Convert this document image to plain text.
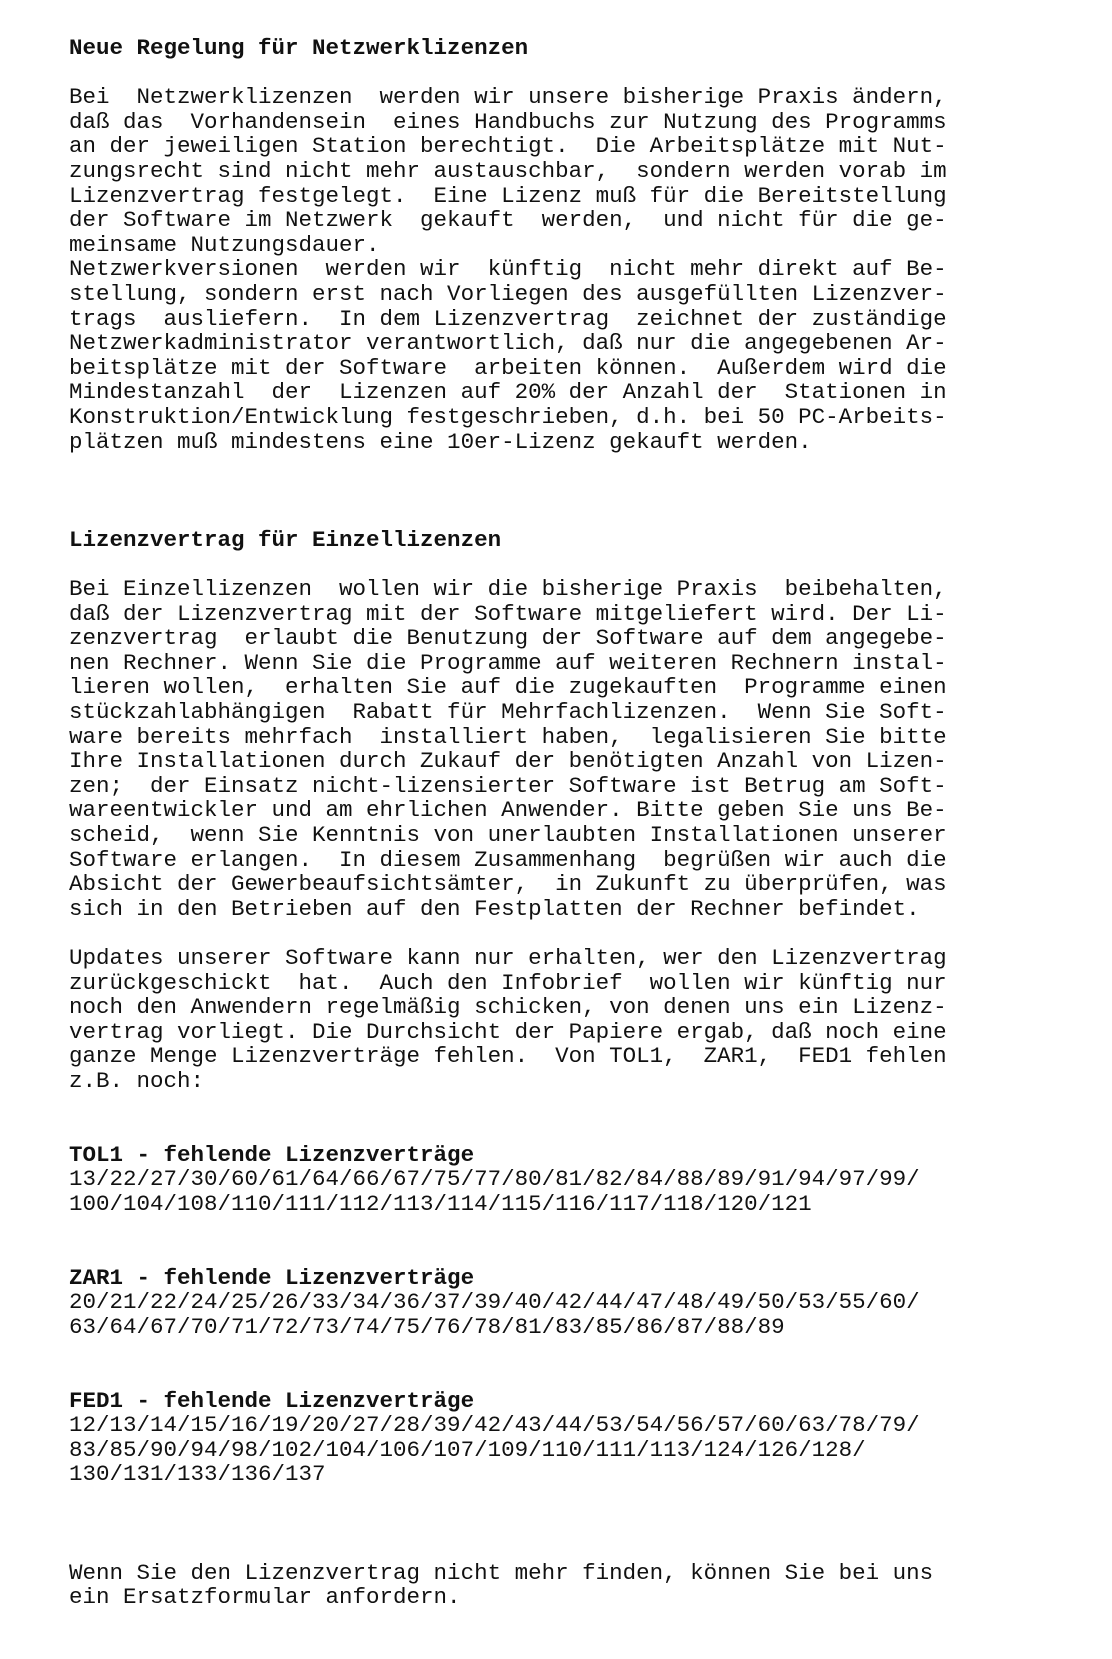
Neue Regelung für Netzwerklizenzen
Bei  Netzwerklizenzen  werden wir unsere bisherige Praxis ändern,
daß das  Vorhandensein  eines Handbuchs zur Nutzung des Programms
an der jeweiligen Station berechtigt.  Die Arbeitsplätze mit Nut-
zungsrecht sind nicht mehr austauschbar,  sondern werden vorab im
Lizenzvertrag festgelegt.  Eine Lizenz muß für die Bereitstellung
der Software im Netzwerk  gekauft  werden,  und nicht für die ge-
meinsame Nutzungsdauer.
Netzwerkversionen  werden wir  künftig  nicht mehr direkt auf Be-
stellung, sondern erst nach Vorliegen des ausgefüllten Lizenzver-
trags  ausliefern.  In dem Lizenzvertrag  zeichnet der zuständige
Netzwerkadministrator verantwortlich, daß nur die angegebenen Ar-
beitsplätze mit der Software  arbeiten können.  Außerdem wird die
Mindestanzahl  der  Lizenzen auf 20% der Anzahl der  Stationen in
Konstruktion/Entwicklung festgeschrieben, d.h. bei 50 PC-Arbeits-
plätzen muß mindestens eine 10er-Lizenz gekauft werden.
Lizenzvertrag für Einzellizenzen
Bei Einzellizenzen  wollen wir die bisherige Praxis  beibehalten,
daß der Lizenzvertrag mit der Software mitgeliefert wird. Der Li-
zenzvertrag  erlaubt die Benutzung der Software auf dem angegebe-
nen Rechner. Wenn Sie die Programme auf weiteren Rechnern instal-
lieren wollen,  erhalten Sie auf die zugekauften  Programme einen
stückzahlabhängigen  Rabatt für Mehrfachlizenzen.  Wenn Sie Soft-
ware bereits mehrfach  installiert haben,  legalisieren Sie bitte
Ihre Installationen durch Zukauf der benötigten Anzahl von Lizen-
zen;  der Einsatz nicht-lizensierter Software ist Betrug am Soft-
wareentwickler und am ehrlichen Anwender. Bitte geben Sie uns Be-
scheid,  wenn Sie Kenntnis von unerlaubten Installationen unserer
Software erlangen.  In diesem Zusammenhang  begrüßen wir auch die
Absicht der Gewerbeaufsichtsämter,  in Zukunft zu überprüfen, was
sich in den Betrieben auf den Festplatten der Rechner befindet.
Updates unserer Software kann nur erhalten, wer den Lizenzvertrag
zurückgeschickt  hat.  Auch den Infobrief  wollen wir künftig nur
noch den Anwendern regelmäßig schicken, von denen uns ein Lizenz-
vertrag vorliegt. Die Durchsicht der Papiere ergab, daß noch eine
ganze Menge Lizenzverträge fehlen.  Von TOL1,  ZAR1,  FED1 fehlen
z.B. noch:
TOL1 - fehlende Lizenzverträge
13/22/27/30/60/61/64/66/67/75/77/80/81/82/84/88/89/91/94/97/99/
100/104/108/110/111/112/113/114/115/116/117/118/120/121
ZAR1 - fehlende Lizenzverträge
20/21/22/24/25/26/33/34/36/37/39/40/42/44/47/48/49/50/53/55/60/
63/64/67/70/71/72/73/74/75/76/78/81/83/85/86/87/88/89
FED1 - fehlende Lizenzverträge
12/13/14/15/16/19/20/27/28/39/42/43/44/53/54/56/57/60/63/78/79/
83/85/90/94/98/102/104/106/107/109/110/111/113/124/126/128/
130/131/133/136/137
Wenn Sie den Lizenzvertrag nicht mehr finden, können Sie bei uns
ein Ersatzformular anfordern.
